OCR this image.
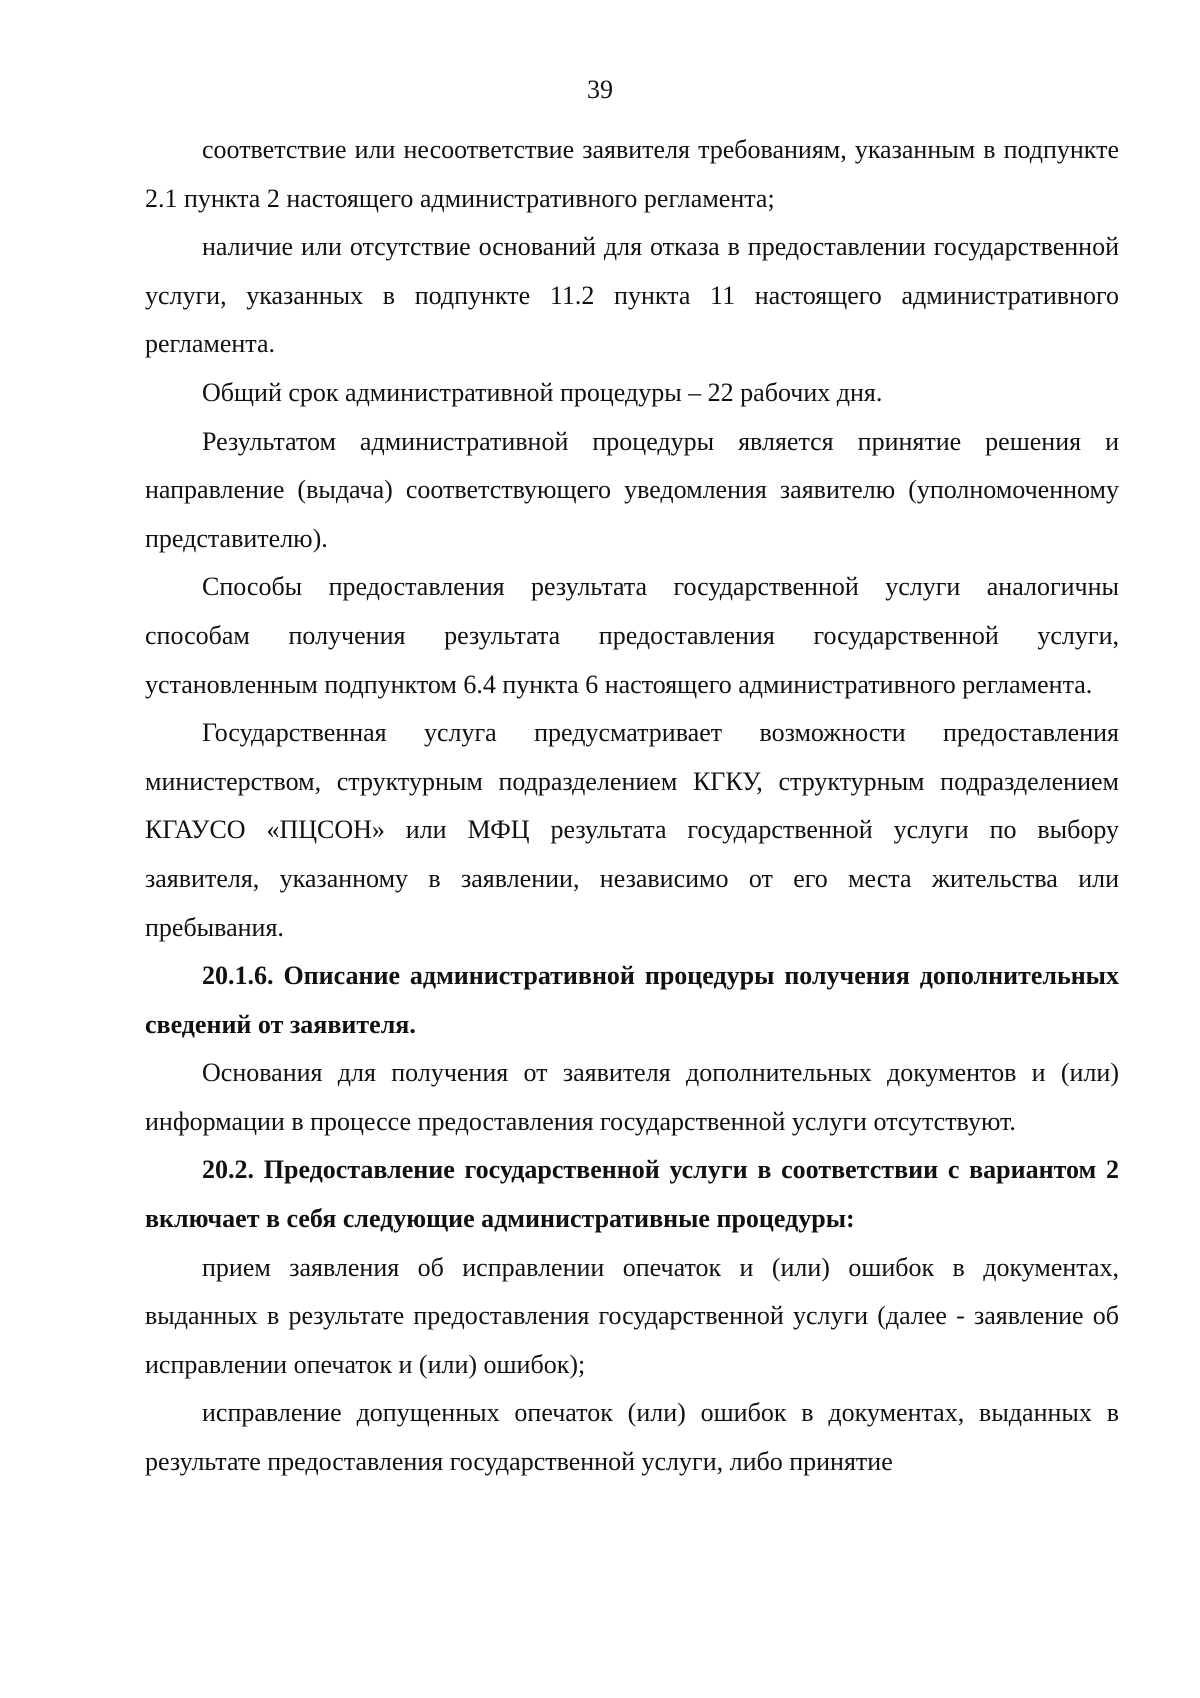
39

соответствие или несоответствие заявителя требованиям, указанным в подпункте 2.1 пункта 2 настоящего административного регламента;

наличие или отсутствие оснований для отказа в предоставлении государственной услуги, указанных в подпункте 11.2 пункта 11 настоящего административного регламента.

Общий срок административной процедуры – 22 рабочих дня.

Результатом административной процедуры является принятие решения и направление (выдача) соответствующего уведомления заявителю (уполномоченному представителю).

Способы предоставления результата государственной услуги аналогичны способам получения результата предоставления государственной услуги, установленным подпунктом 6.4 пункта 6 настоящего административного регламента.

Государственная услуга предусматривает возможности предоставления министерством, структурным подразделением КГКУ, структурным подразделением КГАУСО «ПЦСОН» или МФЦ результата государственной услуги по выбору заявителя, указанному в заявлении, независимо от его места жительства или пребывания.

20.1.6. Описание административной процедуры получения дополнительных сведений от заявителя.

Основания для получения от заявителя дополнительных документов и (или) информации в процессе предоставления государственной услуги отсутствуют.

20.2. Предоставление государственной услуги в соответствии с вариантом 2 включает в себя следующие административные процедуры:

прием заявления об исправлении опечаток и (или) ошибок в документах, выданных в результате предоставления государственной услуги (далее - заявление об исправлении опечаток и (или) ошибок);

исправление допущенных опечаток (или) ошибок в документах, выданных в результате предоставления государственной услуги, либо принятие
